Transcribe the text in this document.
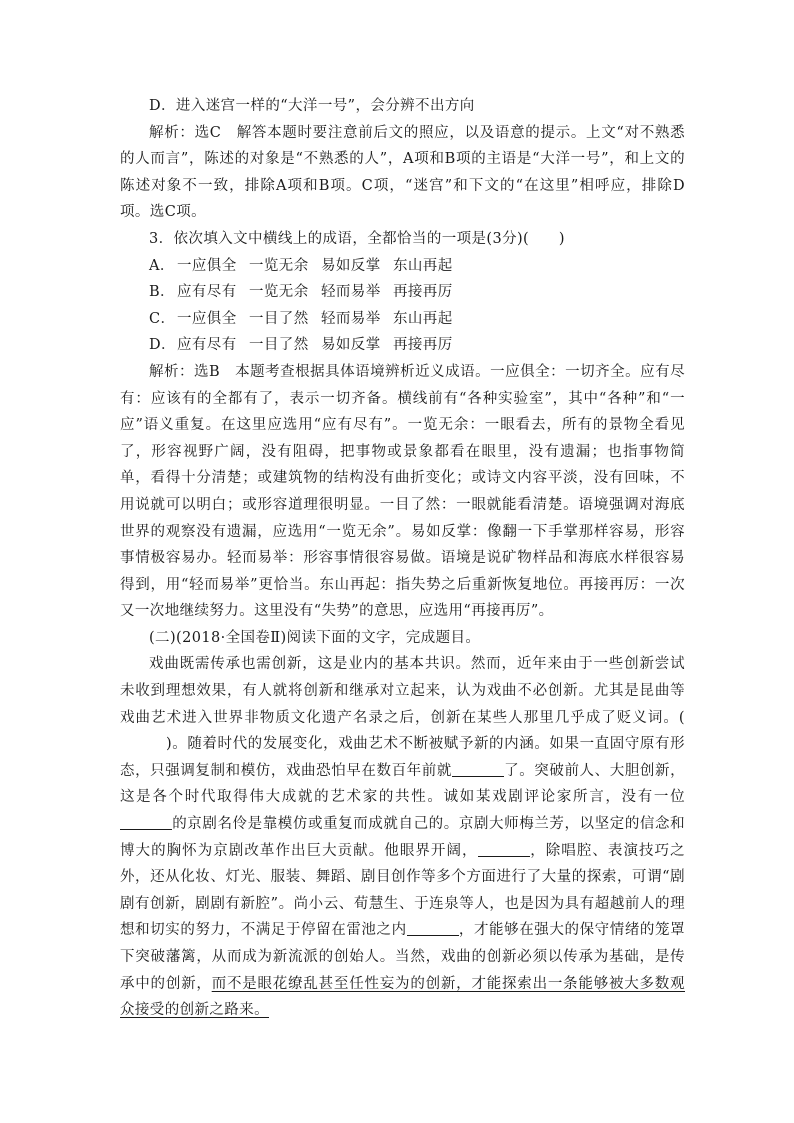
D．进入迷宫一样的“大洋一号”，会分辨不出方向

解析：选C　解答本题时要注意前后文的照应，以及语意的提示。上文“对不熟悉的人而言”，陈述的对象是“不熟悉的人”，A项和B项的主语是“大洋一号”，和上文的陈述对象不一致，排除A项和B项。C项，“迷宫”和下文的“在这里”相呼应，排除D项。选C项。

3．依次填入文中横线上的成语，全都恰当的一项是(3分)(　　)

A． 一应俱全 一览无余 易如反掌 东山再起

B． 应有尽有 一览无余 轻而易举 再接再厉

C． 一应俱全 一目了然 轻而易举 东山再起

D．应有尽有 一目了然 易如反掌 再接再厉

解析：选B　本题考查根据具体语境辨析近义成语。一应俱全：一切齐全。应有尽有：应该有的全都有了，表示一切齐备。横线前有“各种实验室”，其中“各种”和“一应”语义重复。在这里应选用“应有尽有”。一览无余：一眼看去，所有的景物全看见了，形容视野广阔，没有阻碍，把事物或景象都看在眼里，没有遗漏；也指事物简单，看得十分清楚；或建筑物的结构没有曲折变化；或诗文内容平淡，没有回味，不用说就可以明白；或形容道理很明显。一目了然：一眼就能看清楚。语境强调对海底世界的观察没有遗漏，应选用“一览无余”。易如反掌：像翻一下手掌那样容易，形容事情极容易办。轻而易举：形容事情很容易做。语境是说矿物样品和海底水样很容易得到，用“轻而易举”更恰当。东山再起：指失势之后重新恢复地位。再接再厉：一次又一次地继续努力。这里没有“失势”的意思，应选用“再接再厉”。

(二)(2018·全国卷Ⅱ)阅读下面的文字，完成题目。

戏曲既需传承也需创新，这是业内的基本共识。然而，近年来由于一些创新尝试未收到理想效果，有人就将创新和继承对立起来，认为戏曲不必创新。尤其是昆曲等戏曲艺术进入世界非物质文化遗产名录之后，创新在某些人那里几乎成了贬义词。()。随着时代的发展变化，戏曲艺术不断被赋予新的内涵。如果一直固守原有形态，只强调复制和模仿，戏曲恐怕早在数百年前就	了。突破前人、大胆创新，这是各个时代取得伟大成就的艺术家的共性。诚如某戏剧评论家所言，没有一位的京剧名伶是靠模仿或重复而成就自己的。京剧大师梅兰芳，以坚定的信念和博大的胸怀为京剧改革作出巨大贡献。他眼界开阔，	，除唱腔、表演技巧之外，还从化妆、灯光、服装、舞蹈、剧目创作等多个方面进行了大量的探索，可谓“剧剧有创新，剧剧有新腔”。尚小云、荀慧生、于连泉等人，也是因为具有超越前人的理想和切实的努力，不满足于停留在雷池之内	，才能够在强大的保守情绪的笼罩下突破藩篱，从而成为新流派的创始人。当然，戏曲的创新必须以传承为基础，是传承中的创新，而不是眼花缭乱甚至任性妄为的创新，才能探索出一条能够被大多数观众接受的创新之路来。
